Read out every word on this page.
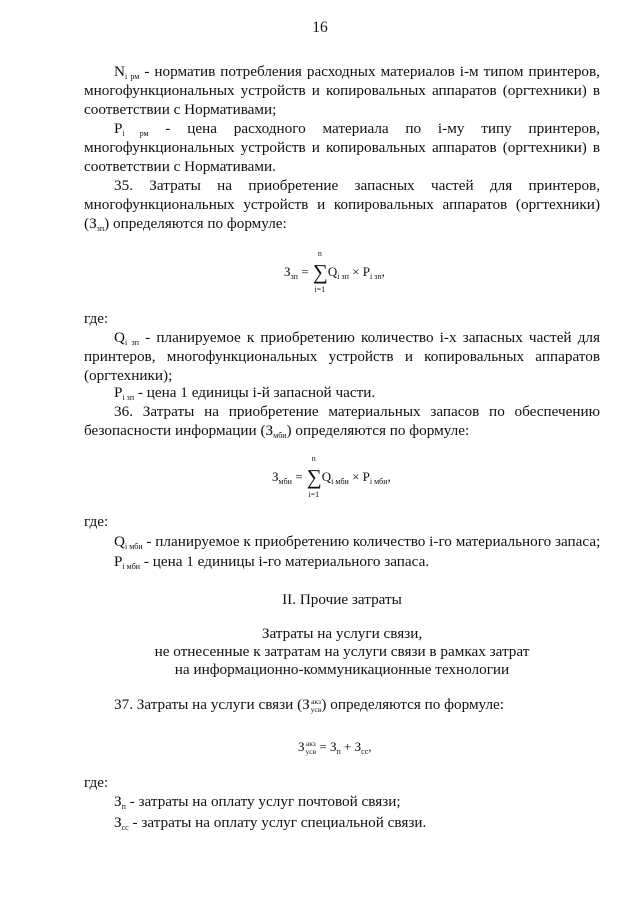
16
$N_{i рм}$ - норматив потребления расходных материалов i-м типом принтеров, многофункциональных устройств и копировальных аппаратов (оргтехники) в соответствии с Нормативами;
$P_{i рм}$ - цена расходного материала по i-му типу принтеров, многофункциональных устройств и копировальных аппаратов (оргтехники) в соответствии с Нормативами.
35. Затраты на приобретение запасных частей для принтеров, многофункциональных устройств и копировальных аппаратов (оргтехники) $(З_{зп})$ определяются по формуле:
$З_{зп}$ =
n
∑
i=1
$Q_{i зп} \times P_{i зп}$,
где:
$Q_{i зп}$ - планируемое к приобретению количество i-х запасных частей для принтеров, многофункциональных устройств и копировальных аппаратов (оргтехники);
$P_{i зп}$ - цена 1 единицы i-й запасной части.
36. Затраты на приобретение материальных запасов по обеспечению безопасности информации $(З_{мби})$ определяются по формуле:
$З_{мби}$ =
n
∑
i=1
$Q_{i мби} \times P_{i мби}$,
где:
$Q_{i мби}$ - планируемое к приобретению количество i-го материального запаса;
$P_{i мби}$ - цена 1 единицы i-го материального запаса.
II. Прочие затраты
Затраты на услуги связи,
не отнесенные к затратам на услуги связи в рамках затрат
на информационно-коммуникационные технологии
37. Затраты на услуги связи (Закз
усв) определяются по формуле:
Закз
усв = $З_п + З_{сс}$,
где:
$З_п$ - затраты на оплату услуг почтовой связи;
$З_{сс}$ - затраты на оплату услуг специальной связи.
